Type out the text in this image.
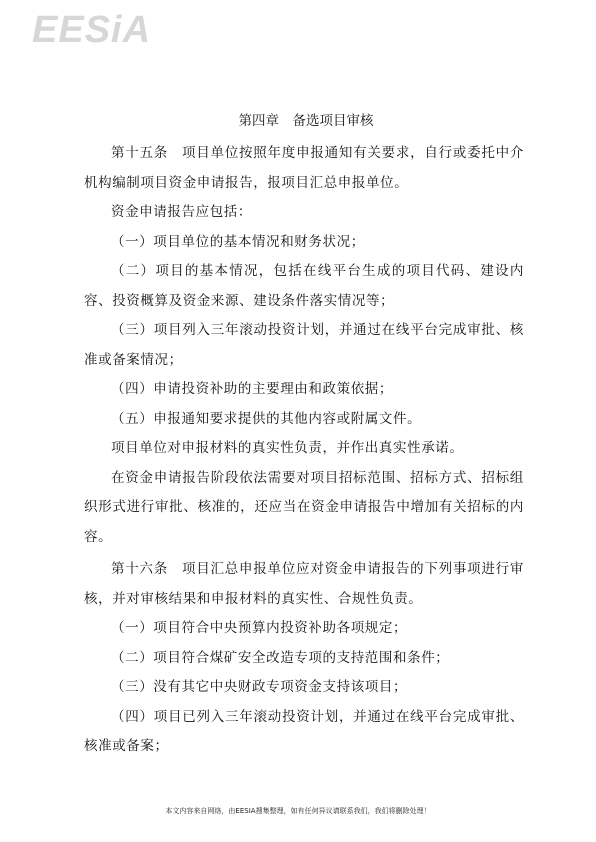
EESiA
第四章　备选项目审核

第十五条 项目单位按照年度申报通知有关要求，自行或委托中介机构编制项目资金申请报告，报项目汇总申报单位。

资金申请报告应包括：

（一）项目单位的基本情况和财务状况；

（二）项目的基本情况，包括在线平台生成的项目代码、建设内容、投资概算及资金来源、建设条件落实情况等；

（三）项目列入三年滚动投资计划，并通过在线平台完成审批、核准或备案情况；

（四）申请投资补助的主要理由和政策依据；

（五）申报通知要求提供的其他内容或附属文件。

项目单位对申报材料的真实性负责，并作出真实性承诺。

在资金申请报告阶段依法需要对项目招标范围、招标方式、招标组织形式进行审批、核准的，还应当在资金申请报告中增加有关招标的内容。

第十六条 项目汇总申报单位应对资金申请报告的下列事项进行审核，并对审核结果和申报材料的真实性、合规性负责。

（一）项目符合中央预算内投资补助各项规定；

（二）项目符合煤矿安全改造专项的支持范围和条件；

（三）没有其它中央财政专项资金支持该项目；

（四）项目已列入三年滚动投资计划，并通过在线平台完成审批、核准或备案；

本文内容来自网络，由EESIA搜集整理，如有任何异议请联系我们，我们将删除处理！
